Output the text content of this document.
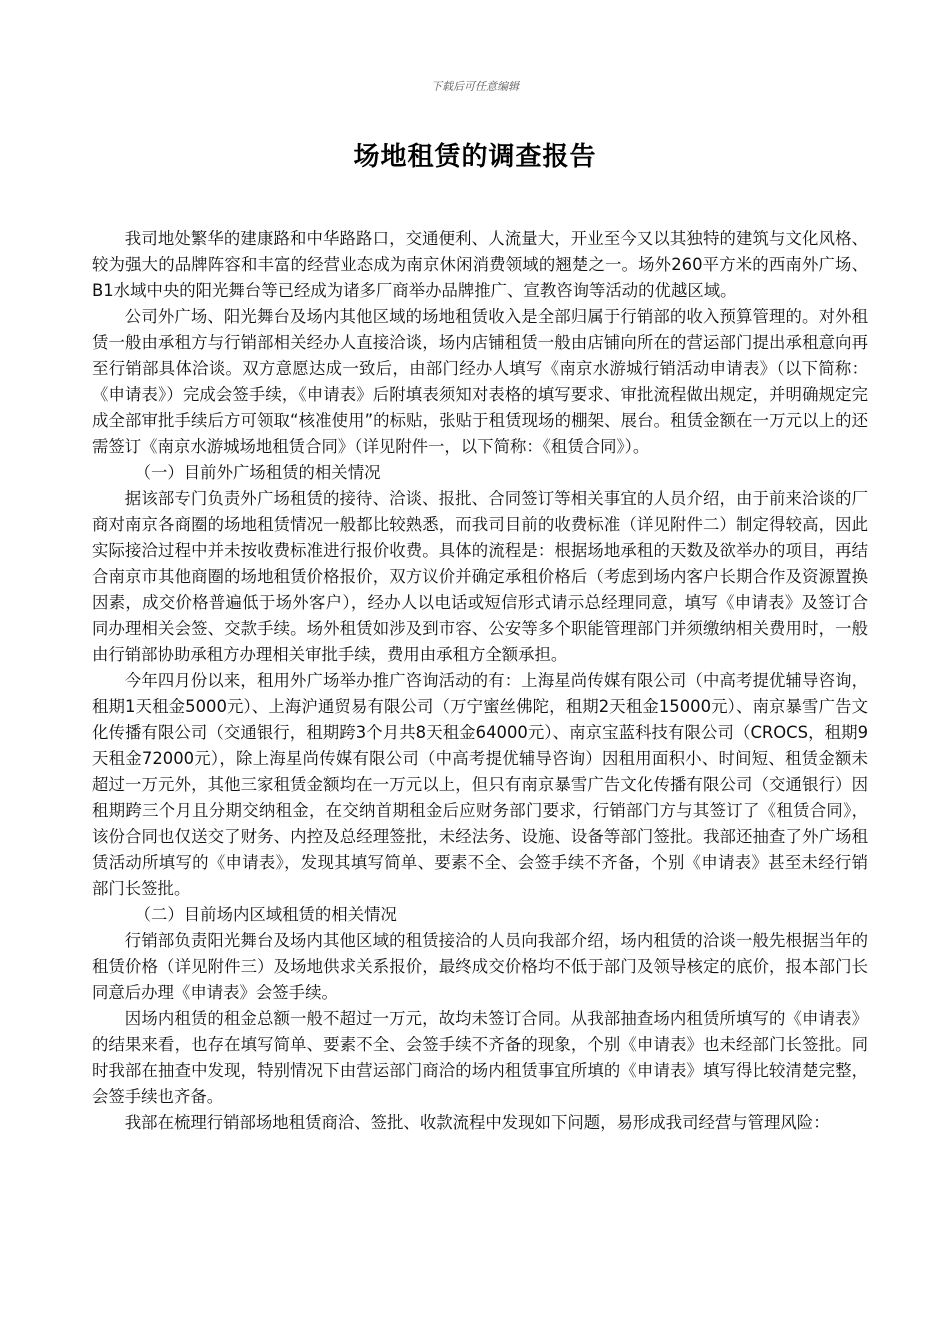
下载后可任意编辑
场地租赁的调查报告

我司地处繁华的建康路和中华路路口，交通便利、人流量大，开业至今又以其独特的建筑与文化风格、较为强大的品牌阵容和丰富的经营业态成为南京休闲消费领域的翘楚之一。场外260平方米的西南外广场、B1水域中央的阳光舞台等已经成为诸多厂商举办品牌推广、宣教咨询等活动的优越区域。

公司外广场、阳光舞台及场内其他区域的场地租赁收入是全部归属于行销部的收入预算管理的。对外租赁一般由承租方与行销部相关经办人直接洽谈，场内店铺租赁一般由店铺向所在的营运部门提出承租意向再至行销部具体洽谈。双方意愿达成一致后，由部门经办人填写《南京水游城行销活动申请表》（以下简称：《申请表》）完成会签手续，《申请表》后附填表须知对表格的填写要求、审批流程做出规定，并明确规定完成全部审批手续后方可领取“核准使用”的标贴，张贴于租赁现场的棚架、展台。租赁金额在一万元以上的还需签订《南京水游城场地租赁合同》（详见附件一，以下简称：《租赁合同》）。

（一）目前外广场租赁的相关情况

据该部专门负责外广场租赁的接待、洽谈、报批、合同签订等相关事宜的人员介绍，由于前来洽谈的厂商对南京各商圈的场地租赁情况一般都比较熟悉，而我司目前的收费标准（详见附件二）制定得较高，因此实际接洽过程中并未按收费标准进行报价收费。具体的流程是：根据场地承租的天数及欲举办的项目，再结合南京市其他商圈的场地租赁价格报价，双方议价并确定承租价格后（考虑到场内客户长期合作及资源置换因素，成交价格普遍低于场外客户），经办人以电话或短信形式请示总经理同意，填写《申请表》及签订合同办理相关会签、交款手续。场外租赁如涉及到市容、公安等多个职能管理部门并须缴纳相关费用时，一般由行销部协助承租方办理相关审批手续，费用由承租方全额承担。

今年四月份以来，租用外广场举办推广咨询活动的有：上海星尚传媒有限公司（中高考提优辅导咨询，租期1天租金5000元）、上海沪通贸易有限公司（万宁蜜丝佛陀，租期2天租金15000元）、南京暴雪广告文化传播有限公司（交通银行，租期跨3个月共8天租金64000元）、南京宝蓝科技有限公司（CROCS，租期9天租金72000元），除上海星尚传媒有限公司（中高考提优辅导咨询）因租用面积小、时间短、租赁金额未超过一万元外，其他三家租赁金额均在一万元以上，但只有南京暴雪广告文化传播有限公司（交通银行）因租期跨三个月且分期交纳租金，在交纳首期租金后应财务部门要求，行销部门方与其签订了《租赁合同》，该份合同也仅送交了财务、内控及总经理签批，未经法务、设施、设备等部门签批。我部还抽查了外广场租赁活动所填写的《申请表》，发现其填写简单、要素不全、会签手续不齐备，个别《申请表》甚至未经行销部门长签批。

（二）目前场内区域租赁的相关情况

行销部负责阳光舞台及场内其他区域的租赁接洽的人员向我部介绍，场内租赁的洽谈一般先根据当年的租赁价格（详见附件三）及场地供求关系报价，最终成交价格均不低于部门及领导核定的底价，报本部门长同意后办理《申请表》会签手续。

因场内租赁的租金总额一般不超过一万元，故均未签订合同。从我部抽查场内租赁所填写的《申请表》的结果来看，也存在填写简单、要素不全、会签手续不齐备的现象，个别《申请表》也未经部门长签批。同时我部在抽查中发现，特别情况下由营运部门商洽的场内租赁事宜所填的《申请表》填写得比较清楚完整，会签手续也齐备。

我部在梳理行销部场地租赁商洽、签批、收款流程中发现如下问题，易形成我司经营与管理风险：
